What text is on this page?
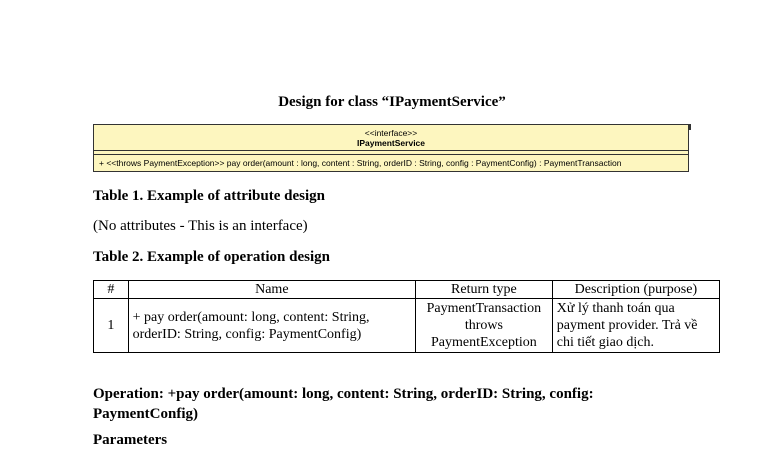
Design for class “IPaymentService”
<<interface>>
IPaymentService
+ <<throws PaymentException>> pay order(amount : long, content : String, orderID : String, config : PaymentConfig) : PaymentTransaction
Table 1. Example of attribute design
(No attributes - This is an interface)
Table 2. Example of operation design
#	Name	Return type	Description (purpose)
1	+ pay order(amount: long, content: String, orderID: String, config: PaymentConfig)	PaymentTransaction throws PaymentException	Xử lý thanh toán qua payment provider. Trả về chi tiết giao dịch.
Operation: +pay order(amount: long, content: String, orderID: String, config: PaymentConfig)
Parameters
